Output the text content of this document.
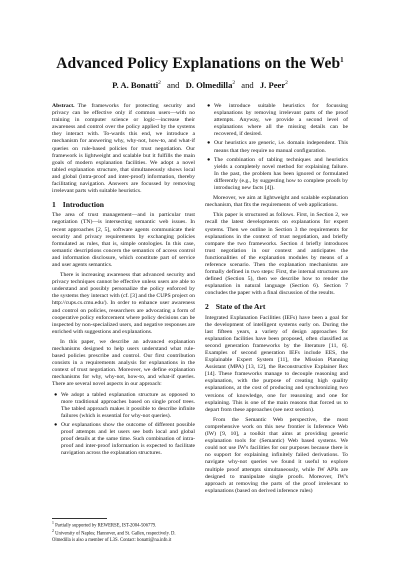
Advanced Policy Explanations on the Web$^1$
P. A. Bonatti$^2$ and D. Olmedilla$^2$ and J. Peer$^2$

Abstract. The frameworks for protecting security and privacy can be effective only if common users—with no training in computer science or logic—increase their awareness and control over the policy applied by the systems they interact with. To-wards this end, we introduce a mechanism for answering why, why-not, how-to, and what-if queries on rule-based policies for trust negotiation. Our framework is lightweight and scalable but it fulfills the main goals of modern explanation facilities. We adopt a novel tabled explanation structure, that simultaneously shows local and global (intra-proof and inter-proof) information, thereby facilitating navigation. Answers are focussed by removing irrelevant parts with suitable heuristics.

1 Introduction

The area of trust management—and in particular trust negotiation (TN)—is intersecting semantic web issues. In recent approaches [2, 5], software agents communicate their security and privacy requirements by exchanging policies formulated as rules, that is, simple ontologies. In this case, semantic descriptions concern the semantics of access control and information disclosure, which constitute part of service and user agents semantics.

There is increasing awareness that advanced security and privacy techniques cannot be effective unless users are able to understand and possibly personalize the policy enforced by the systems they interact with (cf. [3] and the CUPS project on http://cups.cs.cmu.edu/). In order to enhance user awareness and control on policies, researchers are advocating a form of cooperative policy enforcement where policy decisions can be inspected by non-specialized users, and negative responses are enriched with suggestions and explanations.

In this paper, we describe an advanced explanation mechanisms designed to help users understand what rule-based policies prescribe and control. Our first contribution consists in a requirements analysis for explanations in the context of trust negotiation. Moreover, we define explanation mechanisms for why, why-not, how-to, and what-if queries. There are several novel aspects in our approach:

● We adopt a tabled explanation structure as opposed to more traditional approaches based on single proof trees. The tabled approach makes it possible to describe infinite failures (which is essential for why-not queries).
● Our explanations show the outcome of different possible proof attempts and let users see both local and global proof details at the same time. Such combination of intra-proof and inter-proof information is expected to facilitate navigation across the explanation structures.
● We introduce suitable heuristics for focussing explanations by removing irrelevant parts of the proof attempts. Anyway, we provide a second level of explanations where all the missing details can be recovered, if desired.
● Our heuristics are generic, i.e. domain independent. This means that they require no manual configuration.
● The combination of tabling techniques and heuristics yields a completely novel method for explaining failure. In the past, the problem has been ignored or formulated differently (e.g., by suggesting how to complete proofs by introducing new facts [4]).

Moreover, we aim at lightweight and scalable explanation mechanism, that fits the requirements of web applications.

This paper is structured as follows. First, in Section 2, we recall the latest developments on explanations for expert systems. Then we outline in Section 3 the requirements for explanations in the context of trust negotiation, and briefly compare the two frameworks. Section 4 briefly introduces trust negotiation in our context and anticipates the functionalities of the explanation modules by means of a reference scenario. Then the explanation mechanisms are formally defined in two steps: First, the internal structures are defined (Section 5), then we describe how to render the explanation in natural language (Section 6). Section 7 concludes the paper with a final discussion of the results.

2 State of the Art

Integrated Explanation Facilities (IEFs) have been a goal for the development of intelligent systems early on. During the last fifteen years, a variety of design approaches for explanation facilities have been proposed, often classified as second generation frameworks by the literature [11, 6]. Examples of second generation IEFs include EES, the Explainable Expert System [11], the Mission Planning Assistant (MPA) [13, 12], the Reconstructive Explainer Rex [14]. These frameworks manage to decouple reasoning and explanation, with the purpose of creating high quality explanations, at the cost of producing and synchronizing two versions of knowledge, one for reasoning and one for explaining. This is one of the main reasons that forced us to depart from these approaches (see next section).

From the Semantic Web perspective, the most comprehensive work on this new frontier is Inference Web (IW) [9, 10], a toolkit that aims at providing generic explanation tools for (Semantic) Web based systems. We could not use IW's facilities for our purposes because there is no support for explaining infinitely failed derivations. To navigate why-not queries we found it useful to explore multiple proof attempts simultaneously, while IW APIs are designed to manipulate single proofs. Moreover, IW's approach at removing the parts of the proof irrelevant to explanations (based on derived inference rules)

$^1$ Partially supported by REWERSE, IST-2004-506779.

$^2$ University of Naples; Hannover, and St. Gallen, respectively. D. Olmedilla is also a member of L3S. Contact: bonatti@na.infn.it
